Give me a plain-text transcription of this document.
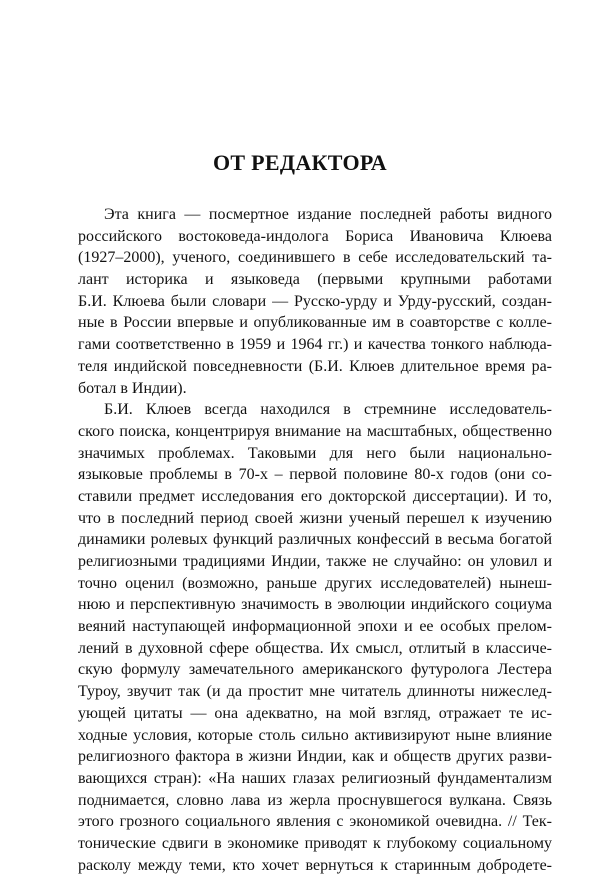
ОТ РЕДАКТОРА
Эта книга — посмертное издание последней работы видного
российского востоковеда-индолога Бориса Ивановича Клюева
(1927–2000), ученого, соединившего в себе исследовательский та-
лант историка и языковеда (первыми крупными работами
Б.И. Клюева были словари — Русско-урду и Урду-русский, создан-
ные в России впервые и опубликованные им в соавторстве с колле-
гами соответственно в 1959 и 1964 гг.) и качества тонкого наблюда-
теля индийской повседневности (Б.И. Клюев длительное время ра-
ботал в Индии).
Б.И. Клюев всегда находился в стремнине исследователь-
ского поиска, концентрируя внимание на масштабных, общественно
значимых проблемах. Таковыми для него были национально-
языковые проблемы в 70-х – первой половине 80-х годов (они со-
ставили предмет исследования его докторской диссертации). И то,
что в последний период своей жизни ученый перешел к изучению
динамики ролевых функций различных конфессий в весьма богатой
религиозными традициями Индии, также не случайно: он уловил и
точно оценил (возможно, раньше других исследователей) нынеш-
нюю и перспективную значимость в эволюции индийского социума
веяний наступающей информационной эпохи и ее особых прелом-
лений в духовной сфере общества. Их смысл, отлитый в классиче-
скую формулу замечательного американского футуролога Лестера
Туроу, звучит так (и да простит мне читатель длинноты нижеслед-
ующей цитаты — она адекватно, на мой взгляд, отражает те ис-
ходные условия, которые столь сильно активизируют ныне влияние
религиозного фактора в жизни Индии, как и обществ других разви-
вающихся стран): «На наших глазах религиозный фундаментализм
поднимается, словно лава из жерла проснувшегося вулкана. Связь
этого грозного социального явления с экономикой очевидна. // Тек-
тонические сдвиги в экономике приводят к глубокому социальному
расколу между теми, кто хочет вернуться к старинным добродете-
